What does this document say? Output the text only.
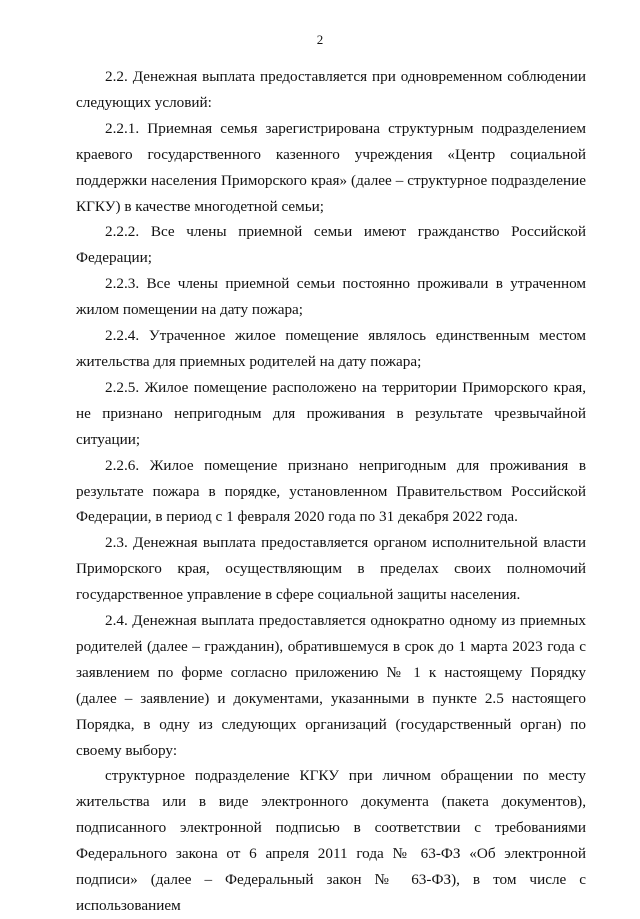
2

2.2. Денежная выплата предоставляется при одновременном соблюдении следующих условий:

2.2.1. Приемная семья зарегистрирована структурным подразделением краевого государственного казенного учреждения «Центр социальной поддержки населения Приморского края» (далее – структурное подразделение КГКУ) в качестве многодетной семьи;

2.2.2. Все члены приемной семьи имеют гражданство Российской Федерации;

2.2.3. Все члены приемной семьи постоянно проживали в утраченном жилом помещении на дату пожара;

2.2.4. Утраченное жилое помещение являлось единственным местом жительства для приемных родителей на дату пожара;

2.2.5. Жилое помещение расположено на территории Приморского края, не признано непригодным для проживания в результате чрезвычайной ситуации;

2.2.6. Жилое помещение признано непригодным для проживания в результате пожара в порядке, установленном Правительством Российской Федерации, в период с 1 февраля 2020 года по 31 декабря 2022 года.

2.3. Денежная выплата предоставляется органом исполнительной власти Приморского края, осуществляющим в пределах своих полномочий государственное управление в сфере социальной защиты населения.

2.4. Денежная выплата предоставляется однократно одному из приемных родителей (далее – гражданин), обратившемуся в срок до 1 марта 2023 года с заявлением по форме согласно приложению № 1 к настоящему Порядку (далее – заявление) и документами, указанными в пункте 2.5 настоящего Порядка, в одну из следующих организаций (государственный орган) по своему выбору:

структурное подразделение КГКУ при личном обращении по месту жительства или в виде электронного документа (пакета документов), подписанного электронной подписью в соответствии с требованиями Федерального закона от 6 апреля 2011 года № 63-ФЗ «Об электронной подписи» (далее – Федеральный закон № 63-ФЗ), в том числе с использованием
